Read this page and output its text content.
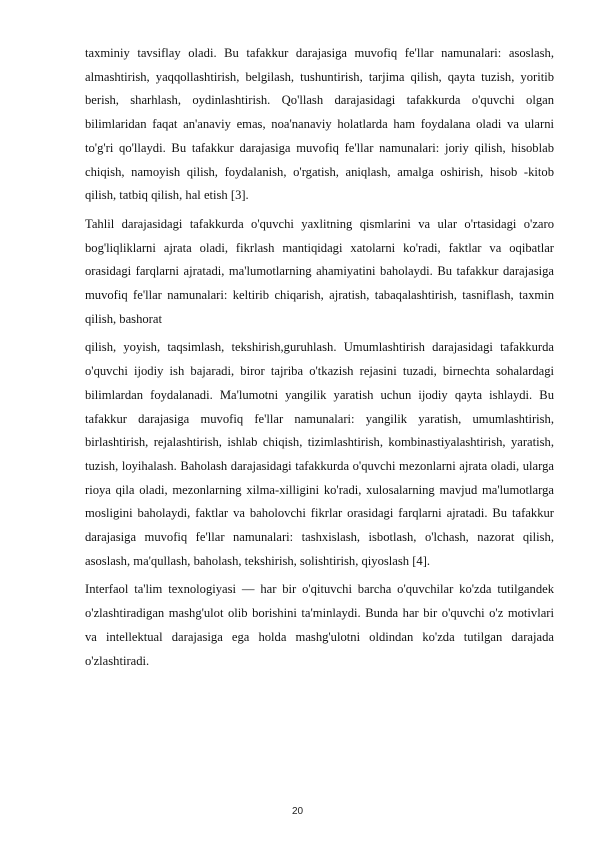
taxminiy tavsiflay oladi. Bu tafakkur darajasiga muvofiq fe'llar namunalari: asoslash, almashtirish, yaqqollashtirish, belgilash, tushuntirish, tarjima qilish, qayta tuzish, yoritib berish, sharhlash, oydinlashtirish. Qo'llash darajasidagi tafakkurda o'quvchi olgan bilimlaridan faqat an'anaviy emas, noa'nanaviy holatlarda ham foydalana oladi va ularni to'g'ri qo'llaydi. Bu tafakkur darajasiga muvofiq fe'llar namunalari: joriy qilish, hisoblab chiqish, namoyish qilish, foydalanish, o'rgatish, aniqlash, amalga oshirish, hisob -kitob qilish, tatbiq qilish, hal etish [3].

Tahlil darajasidagi tafakkurda o'quvchi yaxlitning qismlarini va ular o'rtasidagi o'zaro bog'liqliklarni ajrata oladi, fikrlash mantiqidagi xatolarni ko'radi, faktlar va oqibatlar orasidagi farqlarni ajratadi, ma'lumotlarning ahamiyatini baholaydi. Bu tafakkur darajasiga muvofiq fe'llar namunalari: keltirib chiqarish, ajratish, tabaqalashtirish, tasniflash, taxmin qilish, bashorat

qilish, yoyish, taqsimlash, tekshirish,guruhlash. Umumlashtirish darajasidagi tafakkurda o'quvchi ijodiy ish bajaradi, biror tajriba o'tkazish rejasini tuzadi, birnechta sohalardagi bilimlardan foydalanadi. Ma'lumotni yangilik yaratish uchun ijodiy qayta ishlaydi. Bu tafakkur darajasiga muvofiq fe'llar namunalari: yangilik yaratish, umumlashtirish, birlashtirish, rejalashtirish, ishlab chiqish, tizimlashtirish, kombinastiyalashtirish, yaratish, tuzish, loyihalash. Baholash darajasidagi tafakkurda o'quvchi mezonlarni ajrata oladi, ularga rioya qila oladi, mezonlarning xilma-xilligini ko'radi, xulosalarning mavjud ma'lumotlarga mosligini baholaydi, faktlar va baholovchi fikrlar orasidagi farqlarni ajratadi. Bu tafakkur darajasiga muvofiq fe'llar namunalari: tashxislash, isbotlash, o'lchash, nazorat qilish, asoslash, ma'qullash, baholash, tekshirish, solishtirish, qiyoslash [4].

Interfaol ta'lim texnologiyasi — har bir o'qituvchi barcha o'quvchilar ko'zda tutilgandek o'zlashtiradigan mashg'ulot olib borishini ta'minlaydi. Bunda har bir o'quvchi o'z motivlari va intellektual darajasiga ega holda mashg'ulotni oldindan ko'zda tutilgan darajada o'zlashtiradi.

20
